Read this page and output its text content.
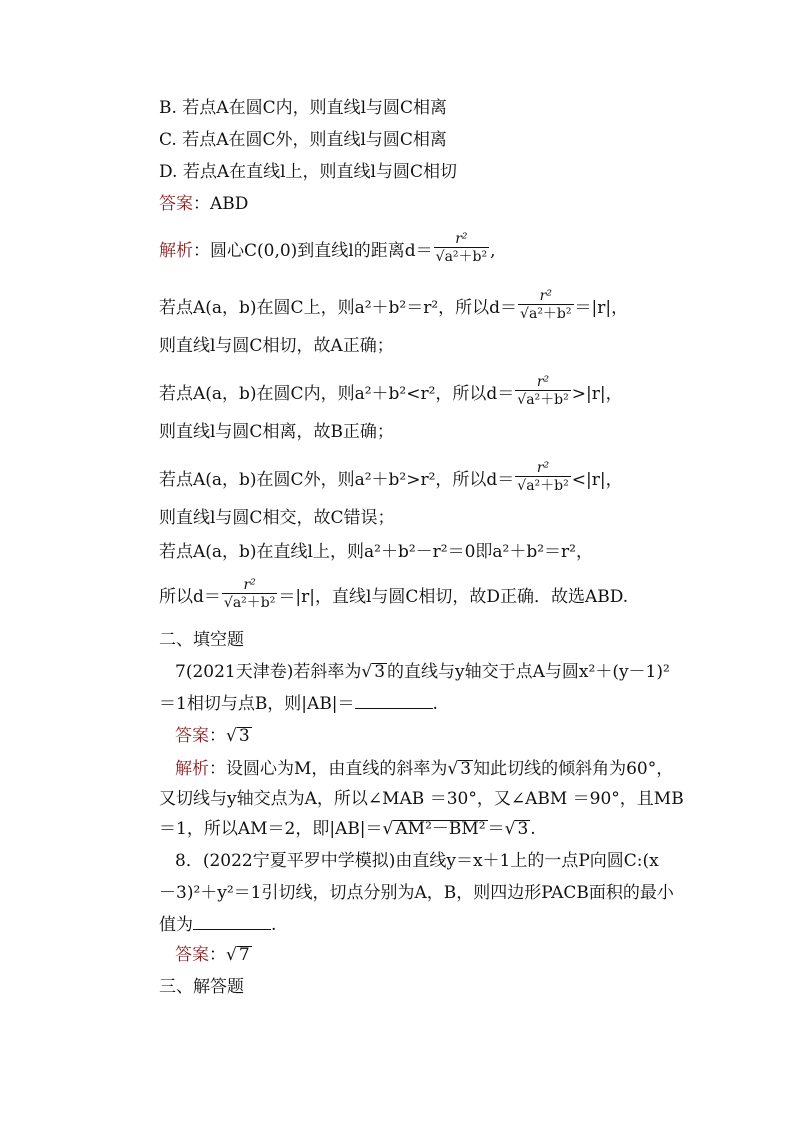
B. 若点A在圆C内，则直线l与圆C相离
C. 若点A在圆C外，则直线l与圆C相离
D. 若点A在直线l上，则直线l与圆C相切
答案：ABD
解析：圆心C(0,0)到直线l的距离$d= \frac{\text{r²}}{\text{√a²＋b²}}$ ,
若点A(a，b)在圆C上，则a²＋b²＝r²，所以$d= \frac{\text{r²}}{\text{√a²＋b²}} =|r|$，
则直线l与圆C相切，故A正确；
若点A(a，b)在圆C内，则a²＋b²<r²，所以$d= \frac{\text{r²}}{\text{√a²＋b²}} >|r|$，
则直线l与圆C相离，故B正确；
若点A(a，b)在圆C外，则a²＋b²>r²，所以$d= \frac{\text{r²}}{\text{√a²＋b²}} <|r|$，
则直线l与圆C相交，故C错误；
若点A(a，b)在直线l上，则a²＋b²－r²＝0即a²＋b²＝r²，
所以$d= \frac{\text{r²}}{\text{√a²＋b²}} =|r|$，直线l与圆C相切，故D正确．故选ABD.
二、填空题
7(2021天津卷)若斜率为√ 3 的直线与y轴交于点A与圆x²＋(y－1)²
＝1相切与点B，则|AB|＝	.
答案：√ 3
解析：设圆心为M，由直线的斜率为√ 3 知此切线的倾斜角为60°，
又切线与y轴交点为A，所以∠MAB ＝30°，又∠ABM ＝90°，且MB
＝1，所以AM＝2，即|AB|＝√ AM²－BM² ＝√ 3 .
8．(2022宁夏平罗中学模拟)由直线y＝x＋1上的一点P向圆C:(x
－3)²＋y²＝1引切线，切点分别为A，B，则四边形PACB面积的最小
值为	.
答案：√ 7
三、解答题
